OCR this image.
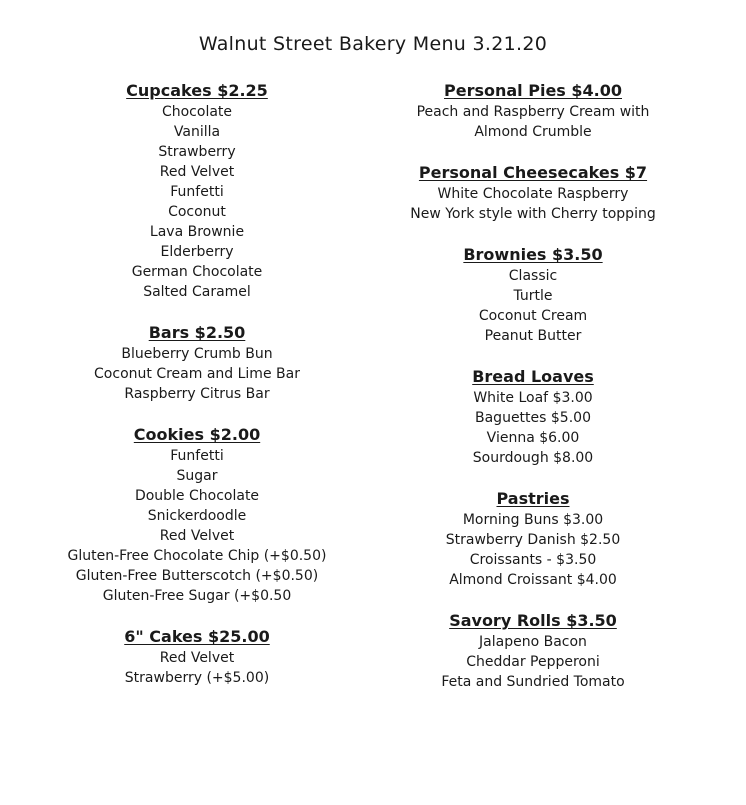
Walnut Street Bakery Menu 3.21.20
Cupcakes $2.25
Chocolate
Vanilla
Strawberry
Red Velvet
Funfetti
Coconut
Lava Brownie
Elderberry
German Chocolate
Salted Caramel
Bars $2.50
Blueberry Crumb Bun
Coconut Cream and Lime Bar
Raspberry Citrus Bar
Cookies $2.00
Funfetti
Sugar
Double Chocolate
Snickerdoodle
Red Velvet
Gluten-Free Chocolate Chip (+$0.50)
Gluten-Free Butterscotch (+$0.50)
Gluten-Free Sugar (+$0.50
6" Cakes $25.00
Red Velvet
Strawberry (+$5.00)
Personal Pies $4.00
Peach and Raspberry Cream with
Almond Crumble
Personal Cheesecakes $7
White Chocolate Raspberry
New York style with Cherry topping
Brownies $3.50
Classic
Turtle
Coconut Cream
Peanut Butter
Bread Loaves
White Loaf $3.00
Baguettes $5.00
Vienna $6.00
Sourdough $8.00
Pastries
Morning Buns $3.00
Strawberry Danish $2.50
Croissants - $3.50
Almond Croissant $4.00
Savory Rolls $3.50
Jalapeno Bacon
Cheddar Pepperoni
Feta and Sundried Tomato
